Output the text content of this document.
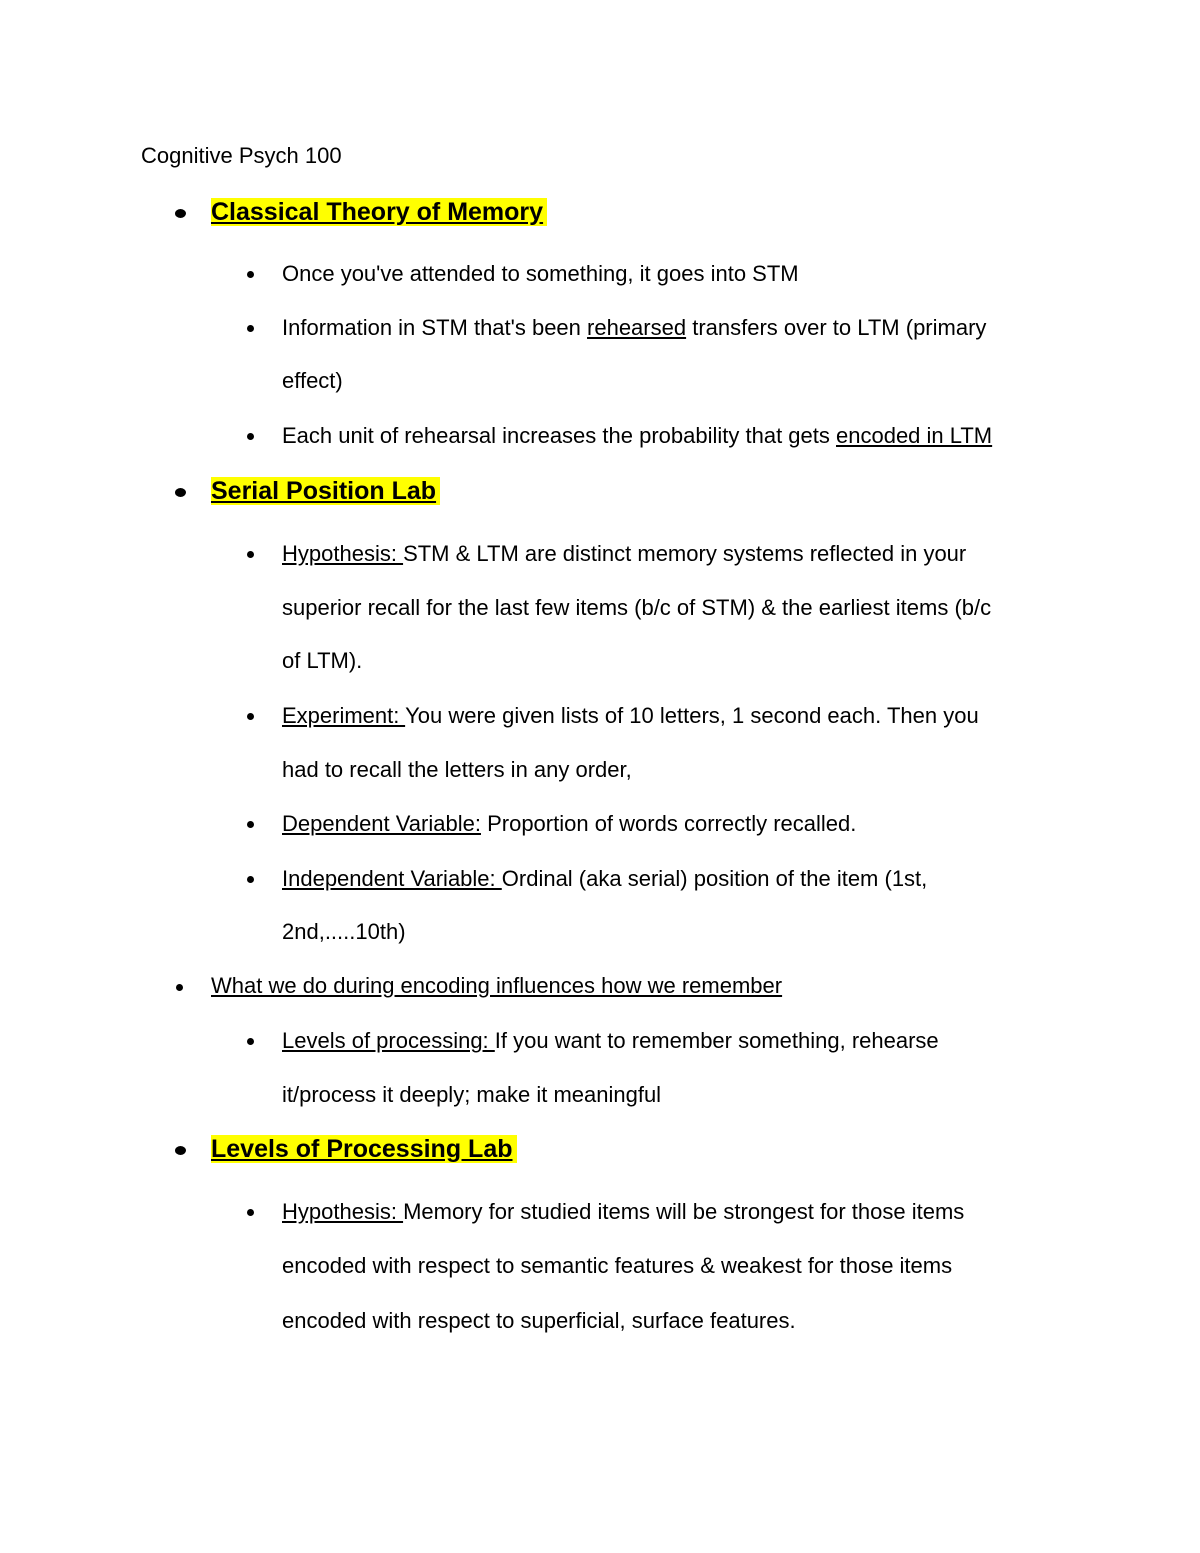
Cognitive Psych 100
Classical Theory of Memory
Once you've attended to something, it goes into STM
Information in STM that's been rehearsed transfers over to LTM (primary
effect)
Each unit of rehearsal increases the probability that gets encoded in LTM
Serial Position Lab
Hypothesis: STM & LTM are distinct memory systems reflected in your
superior recall for the last few items (b/c of STM) & the earliest items (b/c
of LTM).
Experiment: You were given lists of 10 letters, 1 second each. Then you
had to recall the letters in any order,
Dependent Variable: Proportion of words correctly recalled.
Independent Variable: Ordinal (aka serial) position of the item (1st,
2nd,.....10th)
What we do during encoding influences how we remember
Levels of processing: If you want to remember something, rehearse
it/process it deeply; make it meaningful
Levels of Processing Lab
Hypothesis: Memory for studied items will be strongest for those items
encoded with respect to semantic features & weakest for those items
encoded with respect to superficial, surface features.
